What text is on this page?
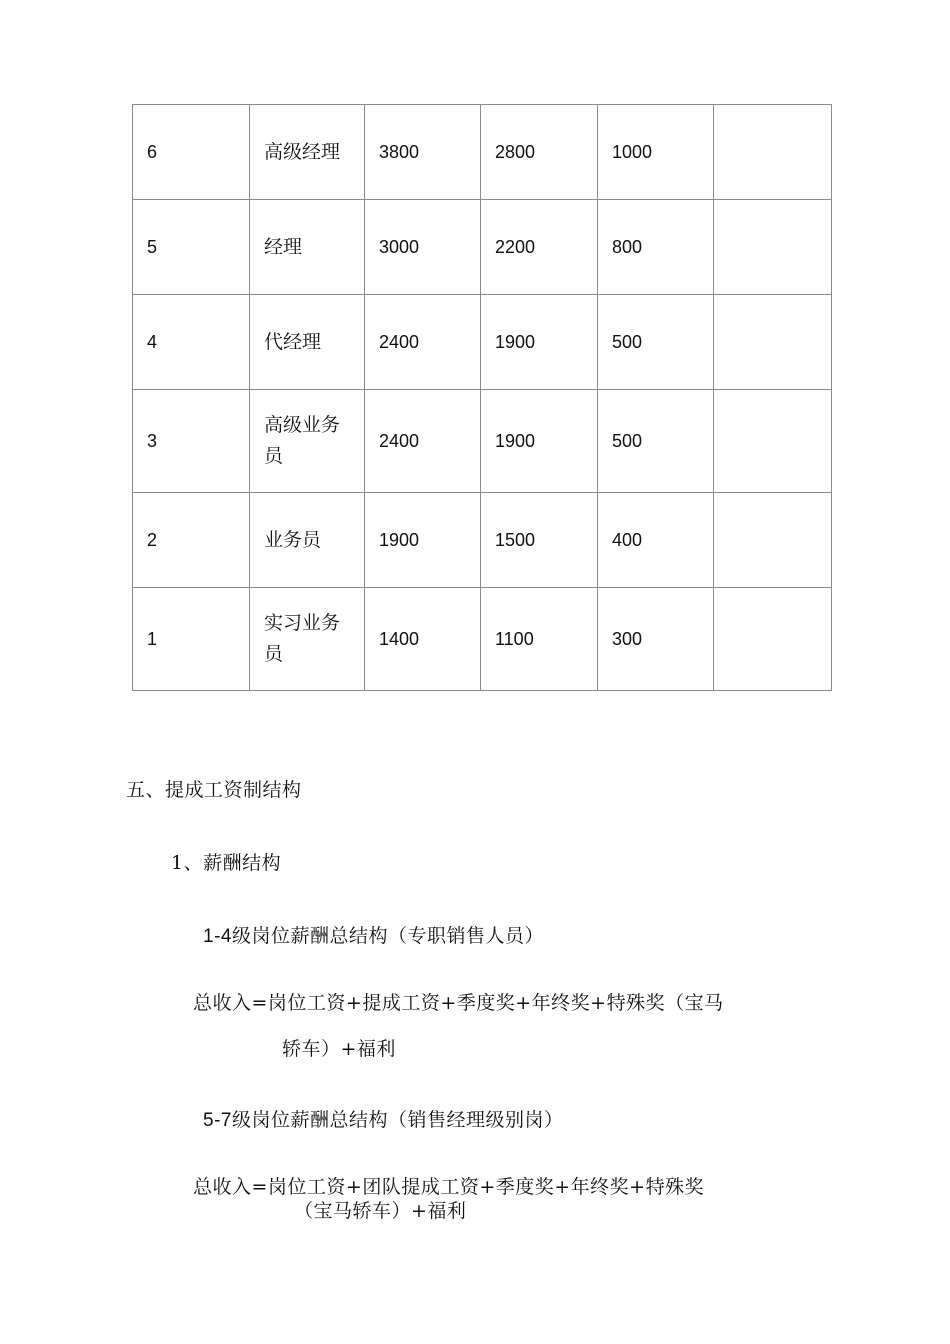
6	高级经理	3800	2800	1000	
5	经理	3000	2200	800	
4	代经理	2400	1900	500	
3	高级业务员	2400	1900	500	
2	业务员	1900	1500	400	
1	实习业务员	1400	1100	300	
五、提成工资制结构
1、薪酬结构
1-4级岗位薪酬总结构（专职销售人员）
总收入=岗位工资+提成工资+季度奖+年终奖+特殊奖（宝马
轿车）+福利
5-7级岗位薪酬总结构（销售经理级别岗）
总收入=岗位工资+团队提成工资+季度奖+年终奖+特殊奖
（宝马轿车）+福利
